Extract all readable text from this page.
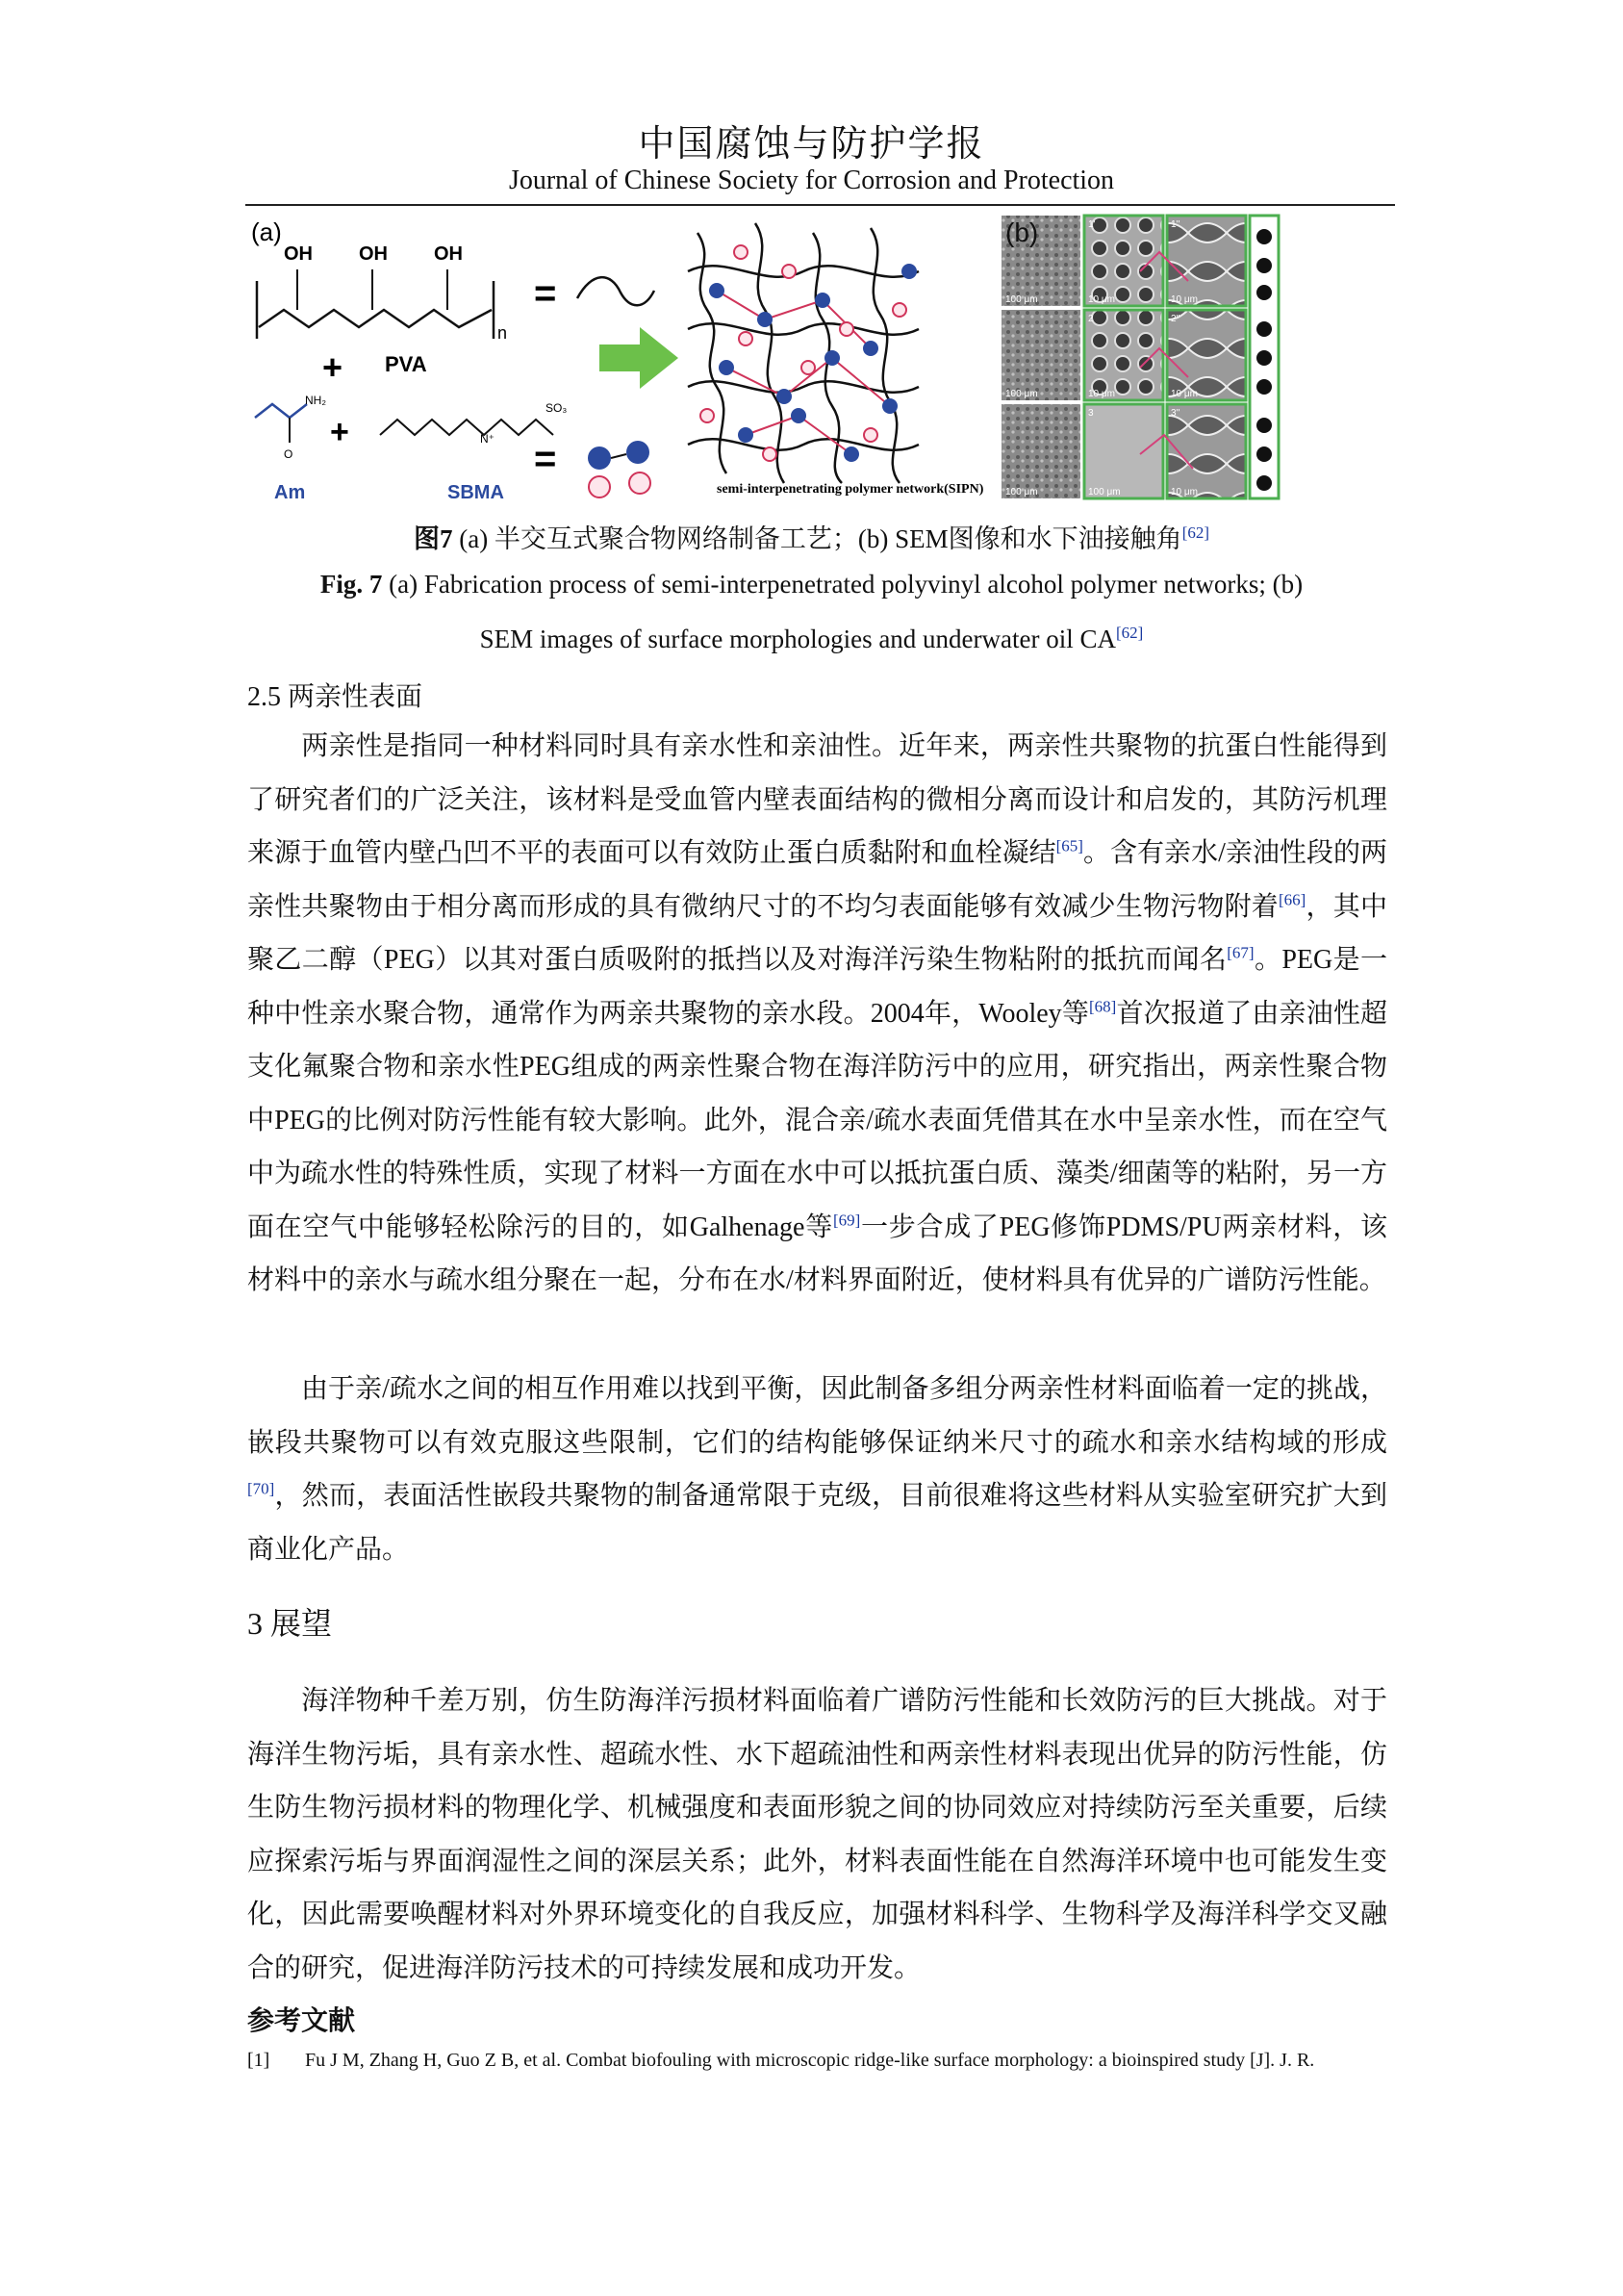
中国腐蚀与防护学报
Journal of Chinese Society for Corrosion and Protection
(a)
OH OH OH
n
=
+ PVA
O
NH₂
+
Am
N⁺
SO₃
SBMA
=
semi-interpenetrating polymer network(SIPN)
1'	1''
2
3
2''
3''
100 μm	10 μm	10 μm
100 μm	10 μm	10 μm
100 μm	100 μm	10 μm
(b)
图7 (a) 半交互式聚合物网络制备工艺；(b) SEM图像和水下油接触角[62]
Fig. 7 (a) Fabrication process of semi-interpenetrated polyvinyl alcohol polymer networks; (b)
SEM images of surface morphologies and underwater oil CA[62]
2.5 两亲性表面
两亲性是指同一种材料同时具有亲水性和亲油性。近年来，两亲性共聚物的抗蛋白性能得到了研究者们的广泛关注，该材料是受血管内壁表面结构的微相分离而设计和启发的，其防污机理来源于血管内壁凸凹不平的表面可以有效防止蛋白质黏附和血栓凝结[65]。含有亲水/亲油性段的两亲性共聚物由于相分离而形成的具有微纳尺寸的不均匀表面能够有效减少生物污物附着[66]，其中聚乙二醇（PEG）以其对蛋白质吸附的抵挡以及对海洋污染生物粘附的抵抗而闻名[67]。PEG是一种中性亲水聚合物，通常作为两亲共聚物的亲水段。2004年，Wooley等[68]首次报道了由亲油性超支化氟聚合物和亲水性PEG组成的两亲性聚合物在海洋防污中的应用，研究指出，两亲性聚合物中PEG的比例对防污性能有较大影响。此外，混合亲/疏水表面凭借其在水中呈亲水性，而在空气中为疏水性的特殊性质，实现了材料一方面在水中可以抵抗蛋白质、藻类/细菌等的粘附，另一方面在空气中能够轻松除污的目的，如Galhenage等[69]一步合成了PEG修饰PDMS/PU两亲材料，该材料中的亲水与疏水组分聚在一起，分布在水/材料界面附近，使材料具有优异的广谱防污性能。
由于亲/疏水之间的相互作用难以找到平衡，因此制备多组分两亲性材料面临着一定的挑战，嵌段共聚物可以有效克服这些限制，它们的结构能够保证纳米尺寸的疏水和亲水结构域的形成[70]，然而，表面活性嵌段共聚物的制备通常限于克级，目前很难将这些材料从实验室研究扩大到商业化产品。
3 展望
海洋物种千差万别，仿生防海洋污损材料面临着广谱防污性能和长效防污的巨大挑战。对于海洋生物污垢，具有亲水性、超疏水性、水下超疏油性和两亲性材料表现出优异的防污性能，仿生防生物污损材料的物理化学、机械强度和表面形貌之间的协同效应对持续防污至关重要，后续应探索污垢与界面润湿性之间的深层关系；此外，材料表面性能在自然海洋环境中也可能发生变化，因此需要唤醒材料对外界环境变化的自我反应，加强材料科学、生物科学及海洋科学交叉融合的研究，促进海洋防污技术的可持续发展和成功开发。
参考文献
[1] Fu J M, Zhang H, Guo Z B, et al. Combat biofouling with microscopic ridge-like surface morphology: a bioinspired study [J]. J. R.
